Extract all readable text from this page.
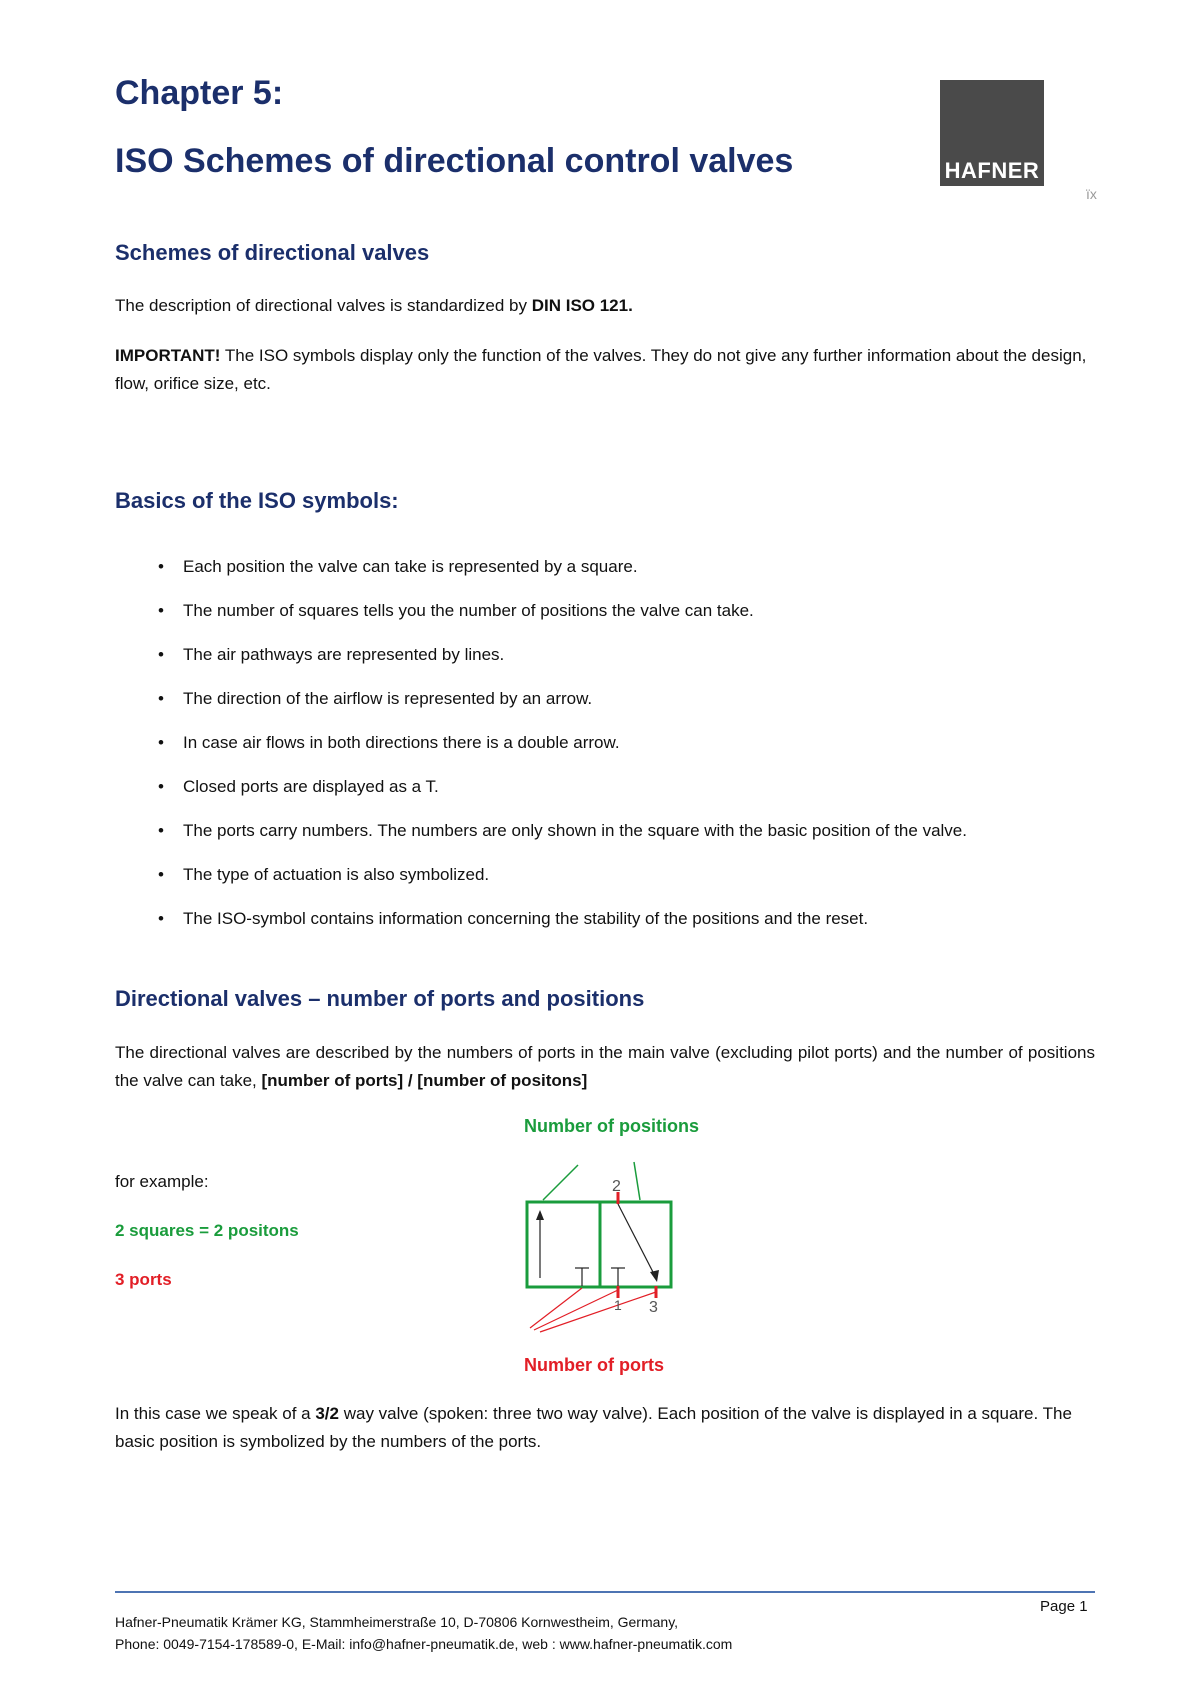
Chapter 5:
ISO Schemes of directional control valves	HAFNER
ïx
Schemes of directional valves

The description of directional valves is standardized by DIN ISO 121.

IMPORTANT! The ISO symbols display only the function of the valves. They do not give any further information about the design, flow, orifice size, etc.

Basics of the ISO symbols:
• Each position the valve can take is represented by a square.
• The number of squares tells you the number of positions the valve can take.
• The air pathways are represented by lines.
• The direction of the airflow is represented by an arrow.
• In case air flows in both directions there is a double arrow.
• Closed ports are displayed as a T.
• The ports carry numbers. The numbers are only shown in the square with the basic position of the valve.
• The type of actuation is also symbolized.
• The ISO-symbol contains information concerning the stability of the positions and the reset.
Directional valves – number of ports and positions

The directional valves are described by the numbers of ports in the main valve (excluding pilot ports) and the number of positions the valve can take, [number of ports] / [number of positons]

Number of positions
for example:
2 squares = 2 positons
3 ports
2
1 3
Number of ports

In this case we speak of a 3/2 way valve (spoken: three two way valve). Each position of the valve is displayed in a square. The basic position is symbolized by the numbers of the ports.

Page 1
Hafner-Pneumatik Krämer KG, Stammheimerstraße 10, D-70806 Kornwestheim, Germany,
Phone: 0049-7154-178589-0, E-Mail: info@hafner-pneumatik.de, web : www.hafner-pneumatik.com
